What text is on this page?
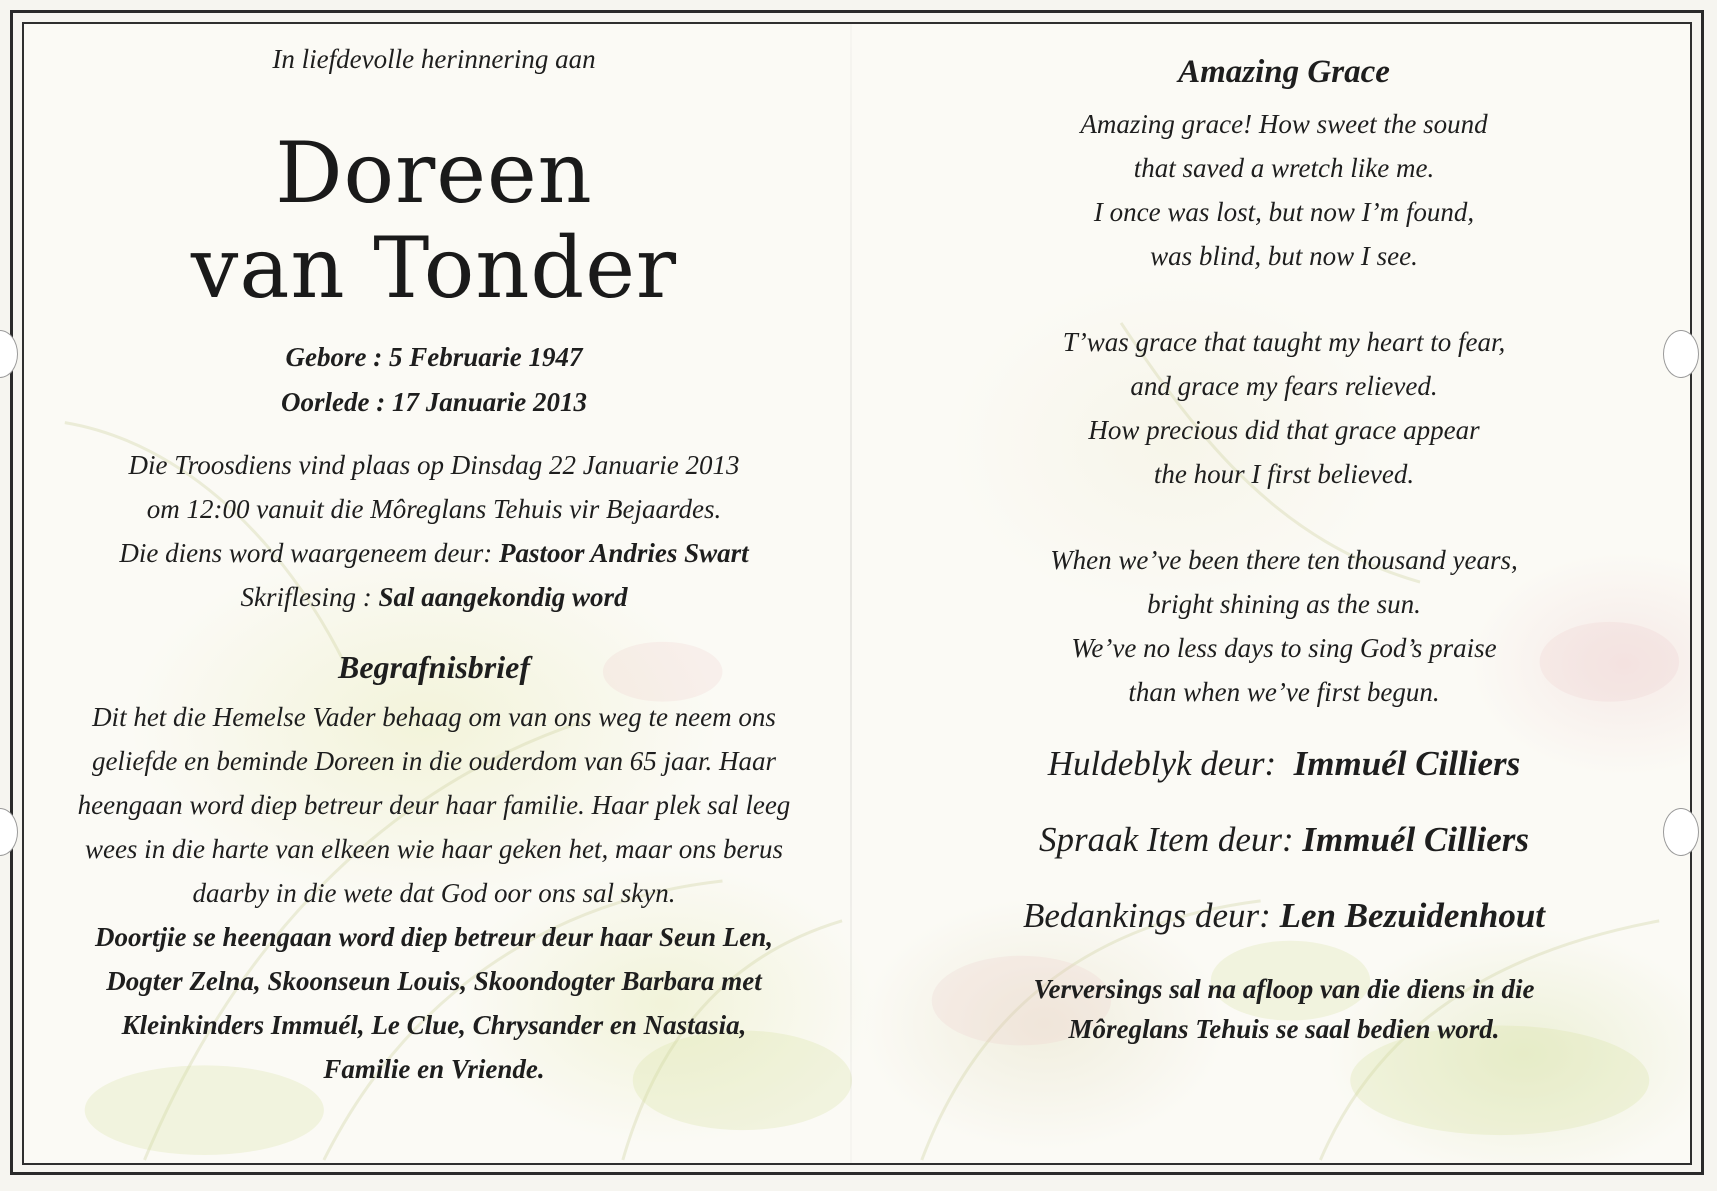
In liefdevolle herinnering aan
Doreen
van Tonder
Gebore : 5 Februarie 1947
Oorlede : 17 Januarie 2013
Die Troosdiens vind plaas op Dinsdag 22 Januarie 2013
om 12:00 vanuit die Môreglans Tehuis vir Bejaardes.
Die diens word waargeneem deur: Pastoor Andries Swart
Skriflesing : Sal aangekondig word
Begrafnisbrief
Dit het die Hemelse Vader behaag om van ons weg te neem ons
geliefde en beminde Doreen in die ouderdom van 65 jaar. Haar
heengaan word diep betreur deur haar familie. Haar plek sal leeg
wees in die harte van elkeen wie haar geken het, maar ons berus
daarby in die wete dat God oor ons sal skyn.
Doortjie se heengaan word diep betreur deur haar Seun Len,
Dogter Zelna, Skoonseun Louis, Skoondogter Barbara met
Kleinkinders Immuél, Le Clue, Chrysander en Nastasia,
Familie en Vriende.
Amazing Grace
Amazing grace! How sweet the sound
that saved a wretch like me.
I once was lost, but now I’m found,
was blind, but now I see.
T’was grace that taught my heart to fear,
and grace my fears relieved.
How precious did that grace appear
the hour I first believed.
When we’ve been there ten thousand years,
bright shining as the sun.
We’ve no less days to sing God’s praise
than when we’ve first begun.
Huldeblyk deur: Immuél Cilliers
Spraak Item deur: Immuél Cilliers
Bedankings deur: Len Bezuidenhout
Verversings sal na afloop van die diens in die
Môreglans Tehuis se saal bedien word.
